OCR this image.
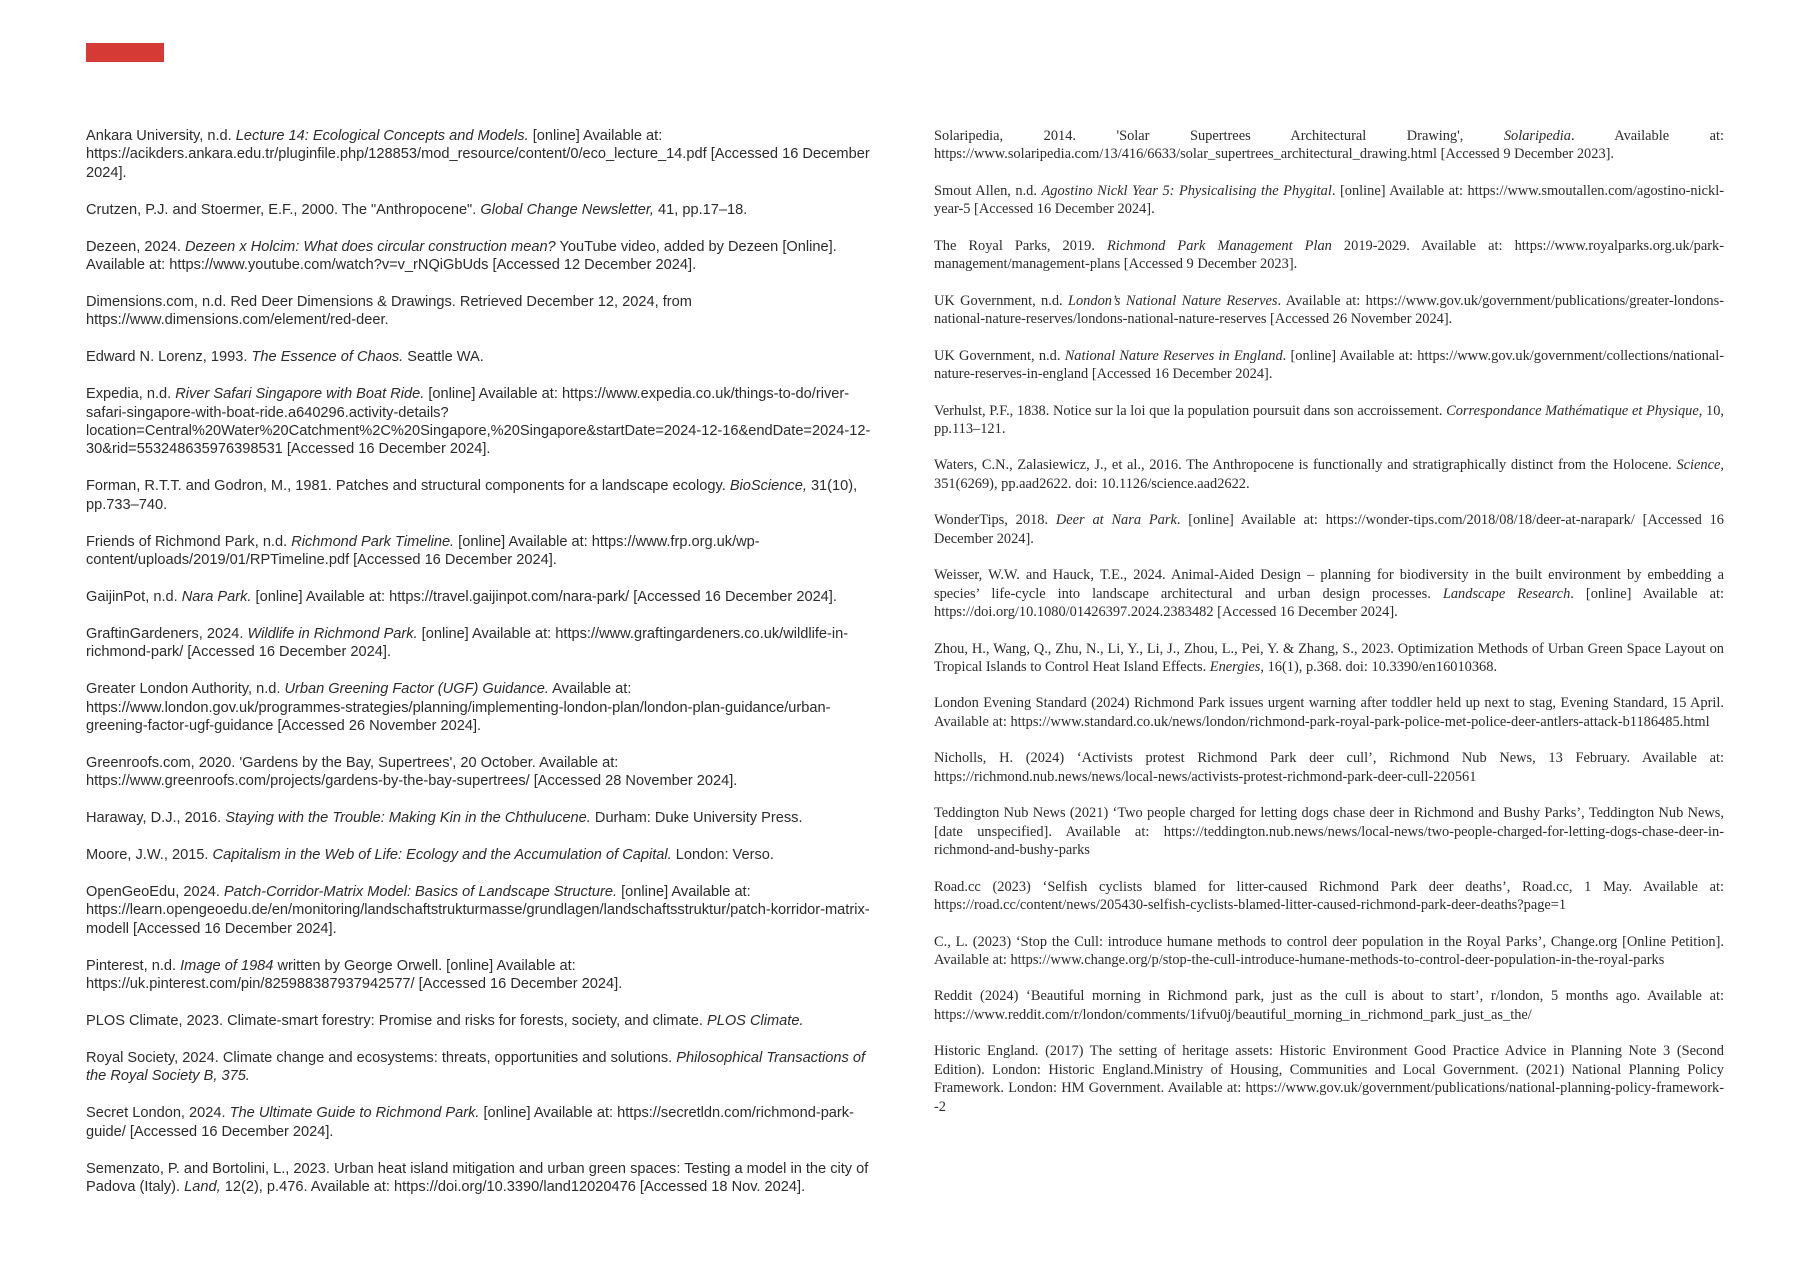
Ankara University, n.d. Lecture 14: Ecological Concepts and Models. [online] Available at: https://acikders.ankara.edu.tr/pluginfile.php/128853/mod_resource/content/0/eco_lecture_14.pdf [Accessed 16 December 2024].

Crutzen, P.J. and Stoermer, E.F., 2000. The "Anthropocene". Global Change Newsletter, 41, pp.17–18.

Dezeen, 2024. Dezeen x Holcim: What does circular construction mean? YouTube video, added by Dezeen [Online]. Available at: https://www.youtube.com/watch?v=v_rNQiGbUds [Accessed 12 December 2024].

Dimensions.com, n.d. Red Deer Dimensions & Drawings. Retrieved December 12, 2024, from https://www.dimensions.com/element/red-deer.

Edward N. Lorenz, 1993. The Essence of Chaos. Seattle WA.

Expedia, n.d. River Safari Singapore with Boat Ride. [online] Available at: https://www.expedia.co.uk/things-to-do/river-safari-singapore-with-boat-ride.a640296.activity-details?location=Central%20Water%20Catchment%2C%20Singapore,%20Singapore&startDate=2024-12-16&endDate=2024-12-30&rid=553248635976398531 [Accessed 16 December 2024].

Forman, R.T.T. and Godron, M., 1981. Patches and structural components for a landscape ecology. BioScience, 31(10), pp.733–740.

Friends of Richmond Park, n.d. Richmond Park Timeline. [online] Available at: https://www.frp.org.uk/wp-content/uploads/2019/01/RPTimeline.pdf [Accessed 16 December 2024].

GaijinPot, n.d. Nara Park. [online] Available at: https://travel.gaijinpot.com/nara-park/ [Accessed 16 December 2024].

GraftinGardeners, 2024. Wildlife in Richmond Park. [online] Available at: https://www.graftingardeners.co.uk/wildlife-in-richmond-park/ [Accessed 16 December 2024].

Greater London Authority, n.d. Urban Greening Factor (UGF) Guidance. Available at: https://www.london.gov.uk/programmes-strategies/planning/implementing-london-plan/london-plan-guidance/urban-greening-factor-ugf-guidance [Accessed 26 November 2024].

Greenroofs.com, 2020. 'Gardens by the Bay, Supertrees', 20 October. Available at: https://www.greenroofs.com/projects/gardens-by-the-bay-supertrees/ [Accessed 28 November 2024].

Haraway, D.J., 2016. Staying with the Trouble: Making Kin in the Chthulucene. Durham: Duke University Press.

Moore, J.W., 2015. Capitalism in the Web of Life: Ecology and the Accumulation of Capital. London: Verso.

OpenGeoEdu, 2024. Patch-Corridor-Matrix Model: Basics of Landscape Structure. [online] Available at: https://learn.opengeoedu.de/en/monitoring/landschaftstrukturmasse/grundlagen/landschaftsstruktur/patch-korridor-matrix-modell [Accessed 16 December 2024].

Pinterest, n.d. Image of 1984 written by George Orwell. [online] Available at: https://uk.pinterest.com/pin/825988387937942577/ [Accessed 16 December 2024].

PLOS Climate, 2023. Climate-smart forestry: Promise and risks for forests, society, and climate. PLOS Climate.

Royal Society, 2024. Climate change and ecosystems: threats, opportunities and solutions. Philosophical Transactions of the Royal Society B, 375.

Secret London, 2024. The Ultimate Guide to Richmond Park. [online] Available at: https://secretldn.com/richmond-park-guide/ [Accessed 16 December 2024].

Semenzato, P. and Bortolini, L., 2023. Urban heat island mitigation and urban green spaces: Testing a model in the city of Padova (Italy). Land, 12(2), p.476. Available at: https://doi.org/10.3390/land12020476 [Accessed 18 Nov. 2024].

Solaripedia, 2014. 'Solar Supertrees Architectural Drawing', Solaripedia. Available at: https://www.solaripedia.com/13/416/6633/solar_supertrees_architectural_drawing.html [Accessed 9 December 2023].

Smout Allen, n.d. Agostino Nickl Year 5: Physicalising the Phygital. [online] Available at: https://www.smoutallen.com/agostino-nickl-year-5 [Accessed 16 December 2024].

The Royal Parks, 2019. Richmond Park Management Plan 2019-2029. Available at: https://www.royalparks.org.uk/park-management/management-plans [Accessed 9 December 2023].

UK Government, n.d. London’s National Nature Reserves. Available at: https://www.gov.uk/government/publications/greater-londons-national-nature-reserves/londons-national-nature-reserves [Accessed 26 November 2024].

UK Government, n.d. National Nature Reserves in England. [online] Available at: https://www.gov.uk/government/collections/national-nature-reserves-in-england [Accessed 16 December 2024].

Verhulst, P.F., 1838. Notice sur la loi que la population poursuit dans son accroissement. Correspondance Mathématique et Physique, 10, pp.113–121.

Waters, C.N., Zalasiewicz, J., et al., 2016. The Anthropocene is functionally and stratigraphically distinct from the Holocene. Science, 351(6269), pp.aad2622. doi: 10.1126/science.aad2622.

WonderTips, 2018. Deer at Nara Park. [online] Available at: https://wonder-tips.com/2018/08/18/deer-at-narapark/ [Accessed 16 December 2024].

Weisser, W.W. and Hauck, T.E., 2024. Animal-Aided Design – planning for biodiversity in the built environment by embedding a species’ life-cycle into landscape architectural and urban design processes. Landscape Research. [online] Available at: https://doi.org/10.1080/01426397.2024.2383482 [Accessed 16 December 2024].

Zhou, H., Wang, Q., Zhu, N., Li, Y., Li, J., Zhou, L., Pei, Y. & Zhang, S., 2023. Optimization Methods of Urban Green Space Layout on Tropical Islands to Control Heat Island Effects. Energies, 16(1), p.368. doi: 10.3390/en16010368.

London Evening Standard (2024) Richmond Park issues urgent warning after toddler held up next to stag, Evening Standard, 15 April. Available at: https://www.standard.co.uk/news/london/richmond-park-royal-park-police-met-police-deer-antlers-attack-b1186485.html

Nicholls, H. (2024) ‘Activists protest Richmond Park deer cull’, Richmond Nub News, 13 February. Available at: https://richmond.nub.news/news/local-news/activists-protest-richmond-park-deer-cull-220561

Teddington Nub News (2021) ‘Two people charged for letting dogs chase deer in Richmond and Bushy Parks’, Teddington Nub News, [date unspecified]. Available at: https://teddington.nub.news/news/local-news/two-people-charged-for-letting-dogs-chase-deer-in-richmond-and-bushy-parks

Road.cc (2023) ‘Selfish cyclists blamed for litter-caused Richmond Park deer deaths’, Road.cc, 1 May. Available at: https://road.cc/content/news/205430-selfish-cyclists-blamed-litter-caused-richmond-park-deer-deaths?page=1

C., L. (2023) ‘Stop the Cull: introduce humane methods to control deer population in the Royal Parks’, Change.org [Online Petition]. Available at: https://www.change.org/p/stop-the-cull-introduce-humane-methods-to-control-deer-population-in-the-royal-parks

Reddit (2024) ‘Beautiful morning in Richmond park, just as the cull is about to start’, r/london, 5 months ago. Available at: https://www.reddit.com/r/london/comments/1ifvu0j/beautiful_morning_in_richmond_park_just_as_the/

Historic England. (2017) The setting of heritage assets: Historic Environment Good Practice Advice in Planning Note 3 (Second Edition). London: Historic England.Ministry of Housing, Communities and Local Government. (2021) National Planning Policy Framework. London: HM Government. Available at: https://www.gov.uk/government/publications/national-planning-policy-framework--2
